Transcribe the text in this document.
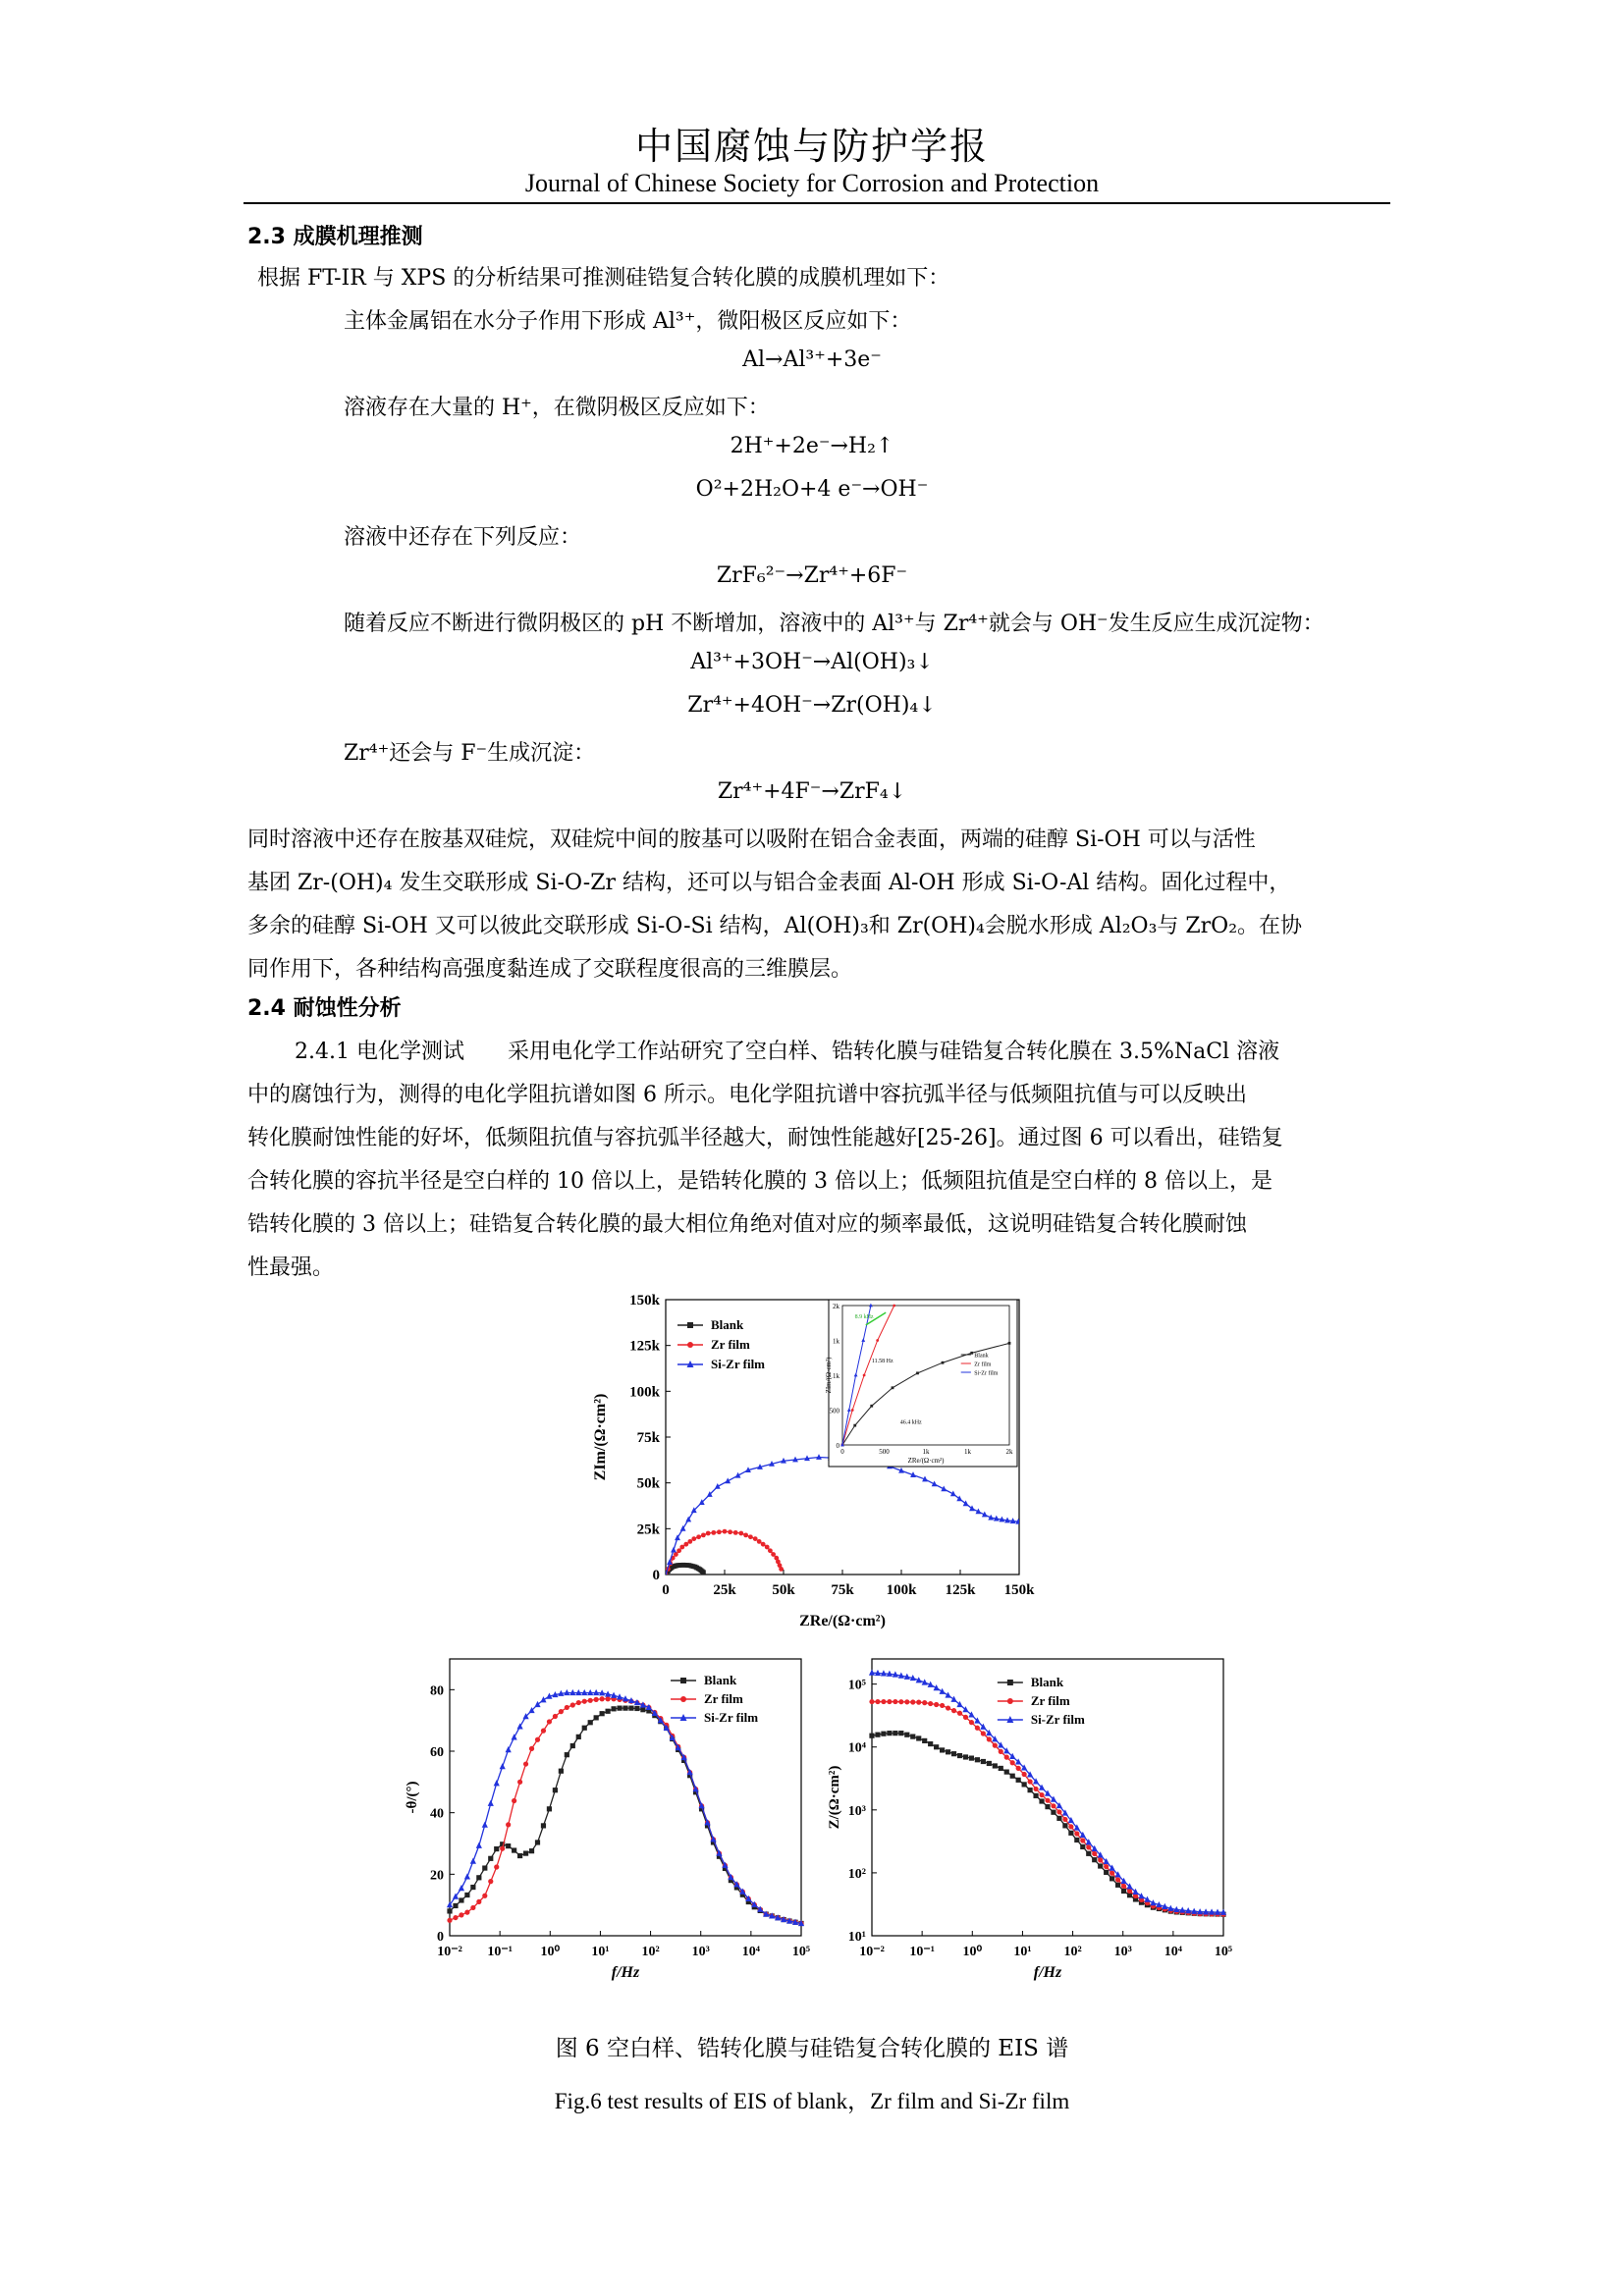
中国腐蚀与防护学报
Journal of Chinese Society for Corrosion and Protection
2.3 成膜机理推测
根据 FT-IR 与 XPS 的分析结果可推测硅锆复合转化膜的成膜机理如下：
主体金属铝在水分子作用下形成 Al³⁺，微阳极区反应如下：
Al→Al³⁺+3e⁻
溶液存在大量的 H⁺，在微阴极区反应如下：
2H⁺+2e⁻→H₂↑
O²+2H₂O+4 e⁻→OH⁻
溶液中还存在下列反应：
ZrF₆²⁻→Zr⁴⁺+6F⁻
随着反应不断进行微阴极区的 pH 不断增加，溶液中的 Al³⁺与 Zr⁴⁺就会与 OH⁻发生反应生成沉淀物：
Al³⁺+3OH⁻→Al(OH)₃↓
Zr⁴⁺+4OH⁻→Zr(OH)₄↓
Zr⁴⁺还会与 F⁻生成沉淀：
Zr⁴⁺+4F⁻→ZrF₄↓
同时溶液中还存在胺基双硅烷，双硅烷中间的胺基可以吸附在铝合金表面，两端的硅醇 Si-OH 可以与活性
基团 Zr-(OH)₄ 发生交联形成 Si-O-Zr 结构，还可以与铝合金表面 Al-OH 形成 Si-O-Al 结构。固化过程中，
多余的硅醇 Si-OH 又可以彼此交联形成 Si-O-Si 结构，Al(OH)₃和 Zr(OH)₄会脱水形成 Al₂O₃与 ZrO₂。在协
同作用下，各种结构高强度黏连成了交联程度很高的三维膜层。
2.4 耐蚀性分析
2.4.1 电化学测试　　采用电化学工作站研究了空白样、锆转化膜与硅锆复合转化膜在 3.5%NaCl 溶液
中的腐蚀行为，测得的电化学阻抗谱如图 6 所示。电化学阻抗谱中容抗弧半径与低频阻抗值与可以反映出
转化膜耐蚀性能的好坏，低频阻抗值与容抗弧半径越大，耐蚀性能越好[25-26]。通过图 6 可以看出，硅锆复
合转化膜的容抗半径是空白样的 10 倍以上，是锆转化膜的 3 倍以上；低频阻抗值是空白样的 8 倍以上，是
锆转化膜的 3 倍以上；硅锆复合转化膜的最大相位角绝对值对应的频率最低，这说明硅锆复合转化膜耐蚀
性最强。
0	25k 50k 75k 100k 125k 150k
0
25k
50k
75k
100k
125k
150k
ZRe/(Ω·cm²)
ZIm/(Ω·cm²)
Blank
Zr film
Si-Zr film
0	500	1k	1k	2k
0
500
1k
1k
2k
ZRe/(Ω·cm²)
ZIm/(Ω·cm²)
Blank
Zr film
Si-Zr film
8.9 kHz
11.58 Hz
46.4 kHz
10⁻² 10⁻¹ 10⁰ 10¹ 10² 10³ 10⁴ 10⁵
0
20
40
60
80
f/Hz
-θ/(°)
Blank
Zr film
Si-Zr film
10⁻² 10⁻¹ 10⁰ 10¹ 10² 10³ 10⁴ 10⁵
10¹
10²
10³
10⁴
10⁵
f/Hz
Z/(Ω·cm²)
Blank
Zr film
Si-Zr film
图 6 空白样、锆转化膜与硅锆复合转化膜的 EIS 谱
Fig.6 test results of EIS of blank，Zr film and Si-Zr film
